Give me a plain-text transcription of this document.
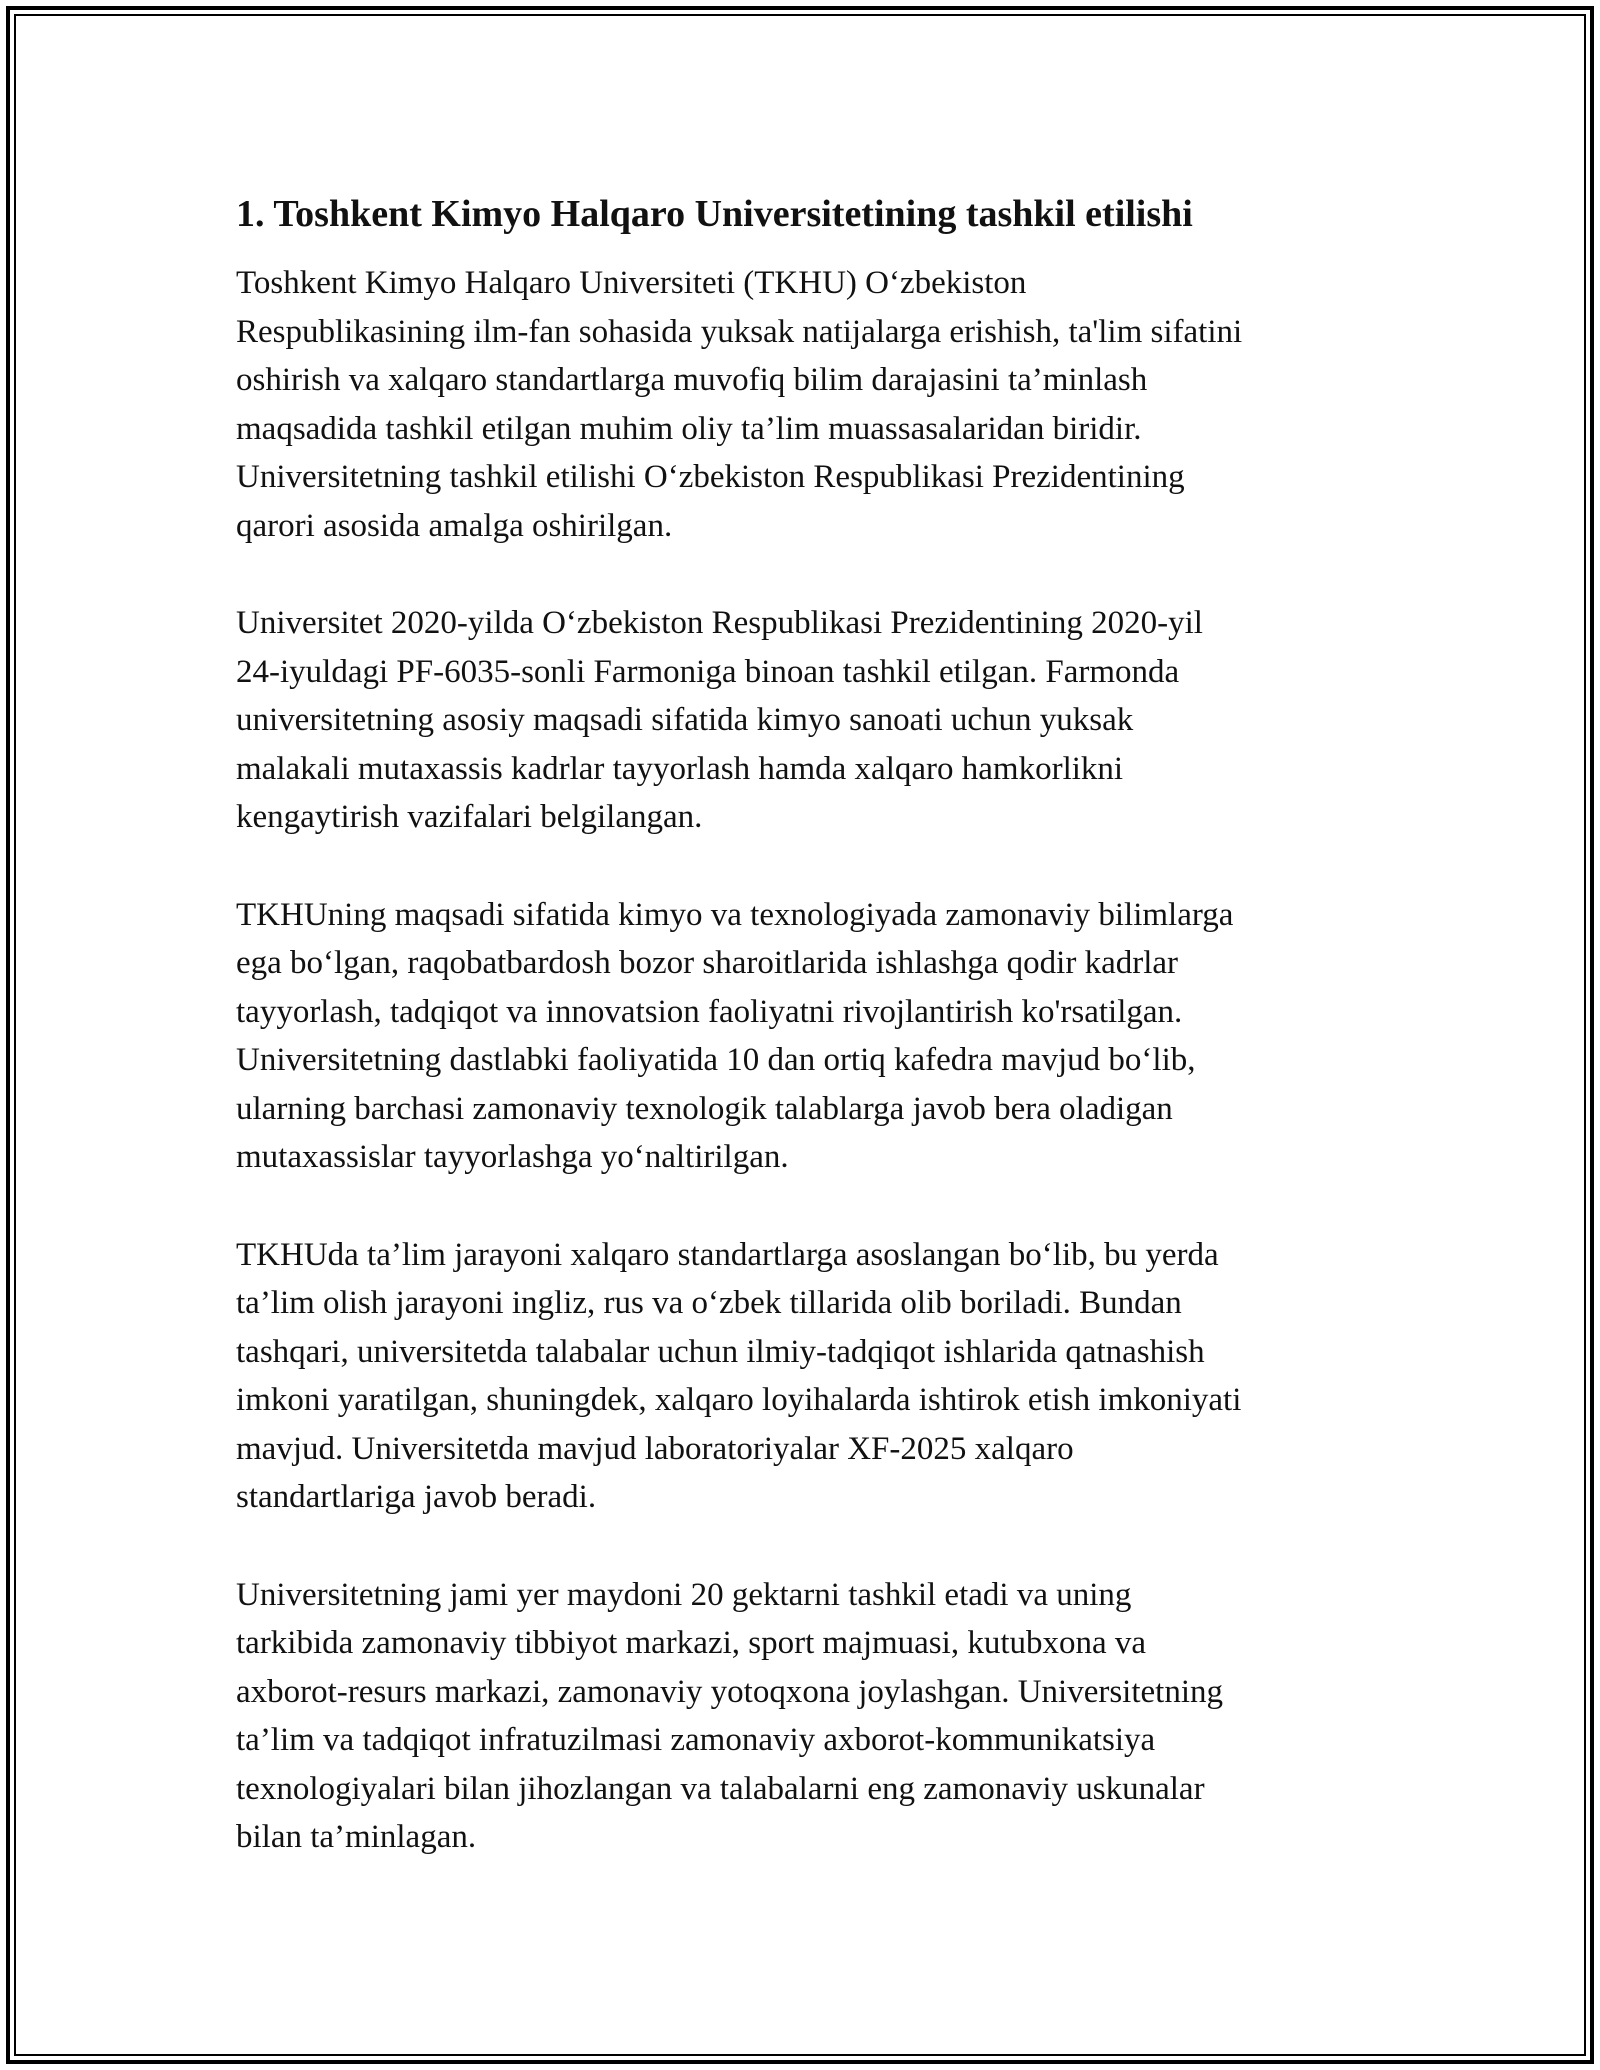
1. Toshkent Kimyo Halqaro Universitetining tashkil etilishi

Toshkent Kimyo Halqaro Universiteti (TKHU) O‘zbekiston
Respublikasining ilm-fan sohasida yuksak natijalarga erishish, ta'lim sifatini
oshirish va xalqaro standartlarga muvofiq bilim darajasini ta’minlash
maqsadida tashkil etilgan muhim oliy ta’lim muassasalaridan biridir.
Universitetning tashkil etilishi O‘zbekiston Respublikasi Prezidentining
qarori asosida amalga oshirilgan.

Universitet 2020-yilda O‘zbekiston Respublikasi Prezidentining 2020-yil
24-iyuldagi PF-6035-sonli Farmoniga binoan tashkil etilgan. Farmonda
universitetning asosiy maqsadi sifatida kimyo sanoati uchun yuksak
malakali mutaxassis kadrlar tayyorlash hamda xalqaro hamkorlikni
kengaytirish vazifalari belgilangan.

TKHUning maqsadi sifatida kimyo va texnologiyada zamonaviy bilimlarga
ega bo‘lgan, raqobatbardosh bozor sharoitlarida ishlashga qodir kadrlar
tayyorlash, tadqiqot va innovatsion faoliyatni rivojlantirish ko'rsatilgan.
Universitetning dastlabki faoliyatida 10 dan ortiq kafedra mavjud bo‘lib,
ularning barchasi zamonaviy texnologik talablarga javob bera oladigan
mutaxassislar tayyorlashga yo‘naltirilgan.

TKHUda ta’lim jarayoni xalqaro standartlarga asoslangan bo‘lib, bu yerda
ta’lim olish jarayoni ingliz, rus va o‘zbek tillarida olib boriladi. Bundan
tashqari, universitetda talabalar uchun ilmiy-tadqiqot ishlarida qatnashish
imkoni yaratilgan, shuningdek, xalqaro loyihalarda ishtirok etish imkoniyati
mavjud. Universitetda mavjud laboratoriyalar XF-2025 xalqaro
standartlariga javob beradi.

Universitetning jami yer maydoni 20 gektarni tashkil etadi va uning
tarkibida zamonaviy tibbiyot markazi, sport majmuasi, kutubxona va
axborot-resurs markazi, zamonaviy yotoqxona joylashgan. Universitetning
ta’lim va tadqiqot infratuzilmasi zamonaviy axborot-kommunikatsiya
texnologiyalari bilan jihozlangan va talabalarni eng zamonaviy uskunalar
bilan ta’minlagan.
